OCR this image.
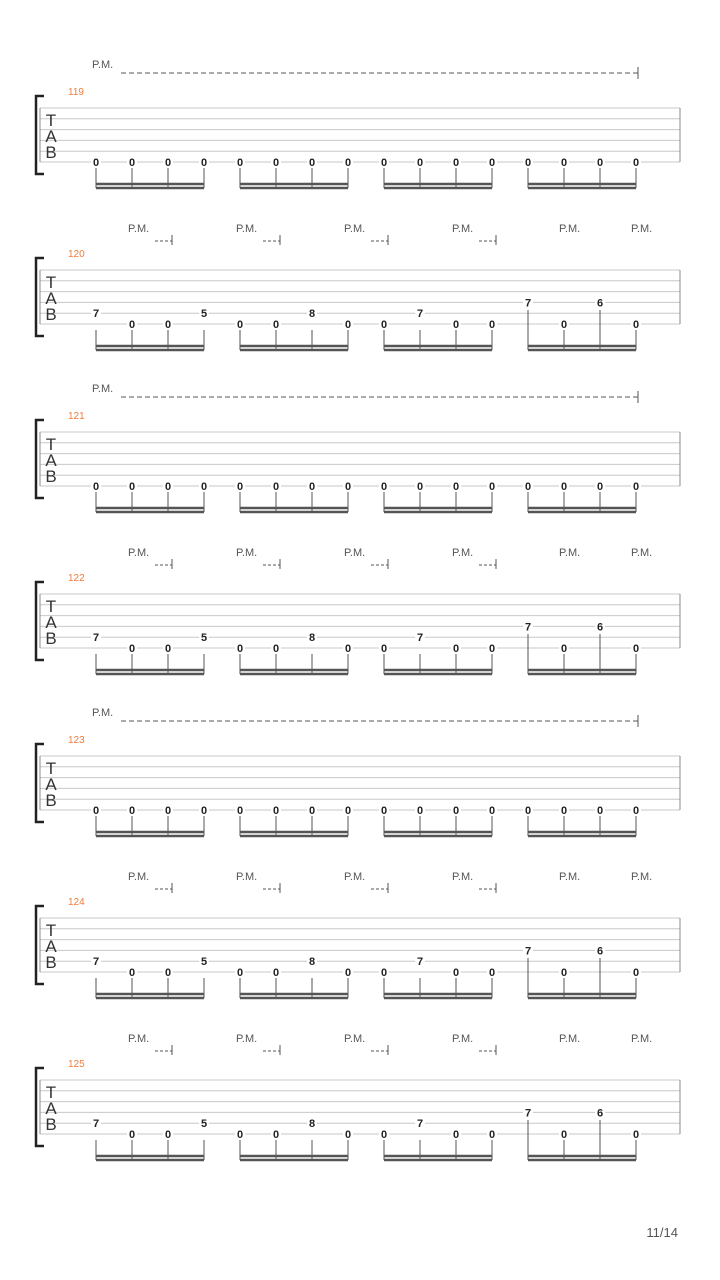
P.M.
119
T
A
B
0	0	0	0	0	0	0	0	0	0	0	0	0	0	0	0
P.M.	P.M.	P.M.	P.M.	P.M.	P.M.
120
T
A
B	7
0	0
5
0	0
8
0	0
7
0	0
7
0
6
0
P.M.
121
T
A
B
0	0	0	0	0	0	0	0	0	0	0	0	0	0	0	0
P.M.	P.M.	P.M.	P.M.	P.M.	P.M.
122
T
A
B	7
0	0
5
0	0
8
0	0
7
0	0
7
0
6
0
P.M.
123
T
A
B
0	0	0	0	0	0	0	0	0	0	0	0	0	0	0	0
P.M.	P.M.	P.M.	P.M.	P.M.	P.M.
124
T
A
B	7
0	0
5
0	0
8
0	0
7
0	0
7
0
6
0
P.M.	P.M.	P.M.	P.M.	P.M.	P.M.
125
T
A
B	7
0	0
5
0	0
8
0	0
7
0	0
7
0
6
0
11/14
